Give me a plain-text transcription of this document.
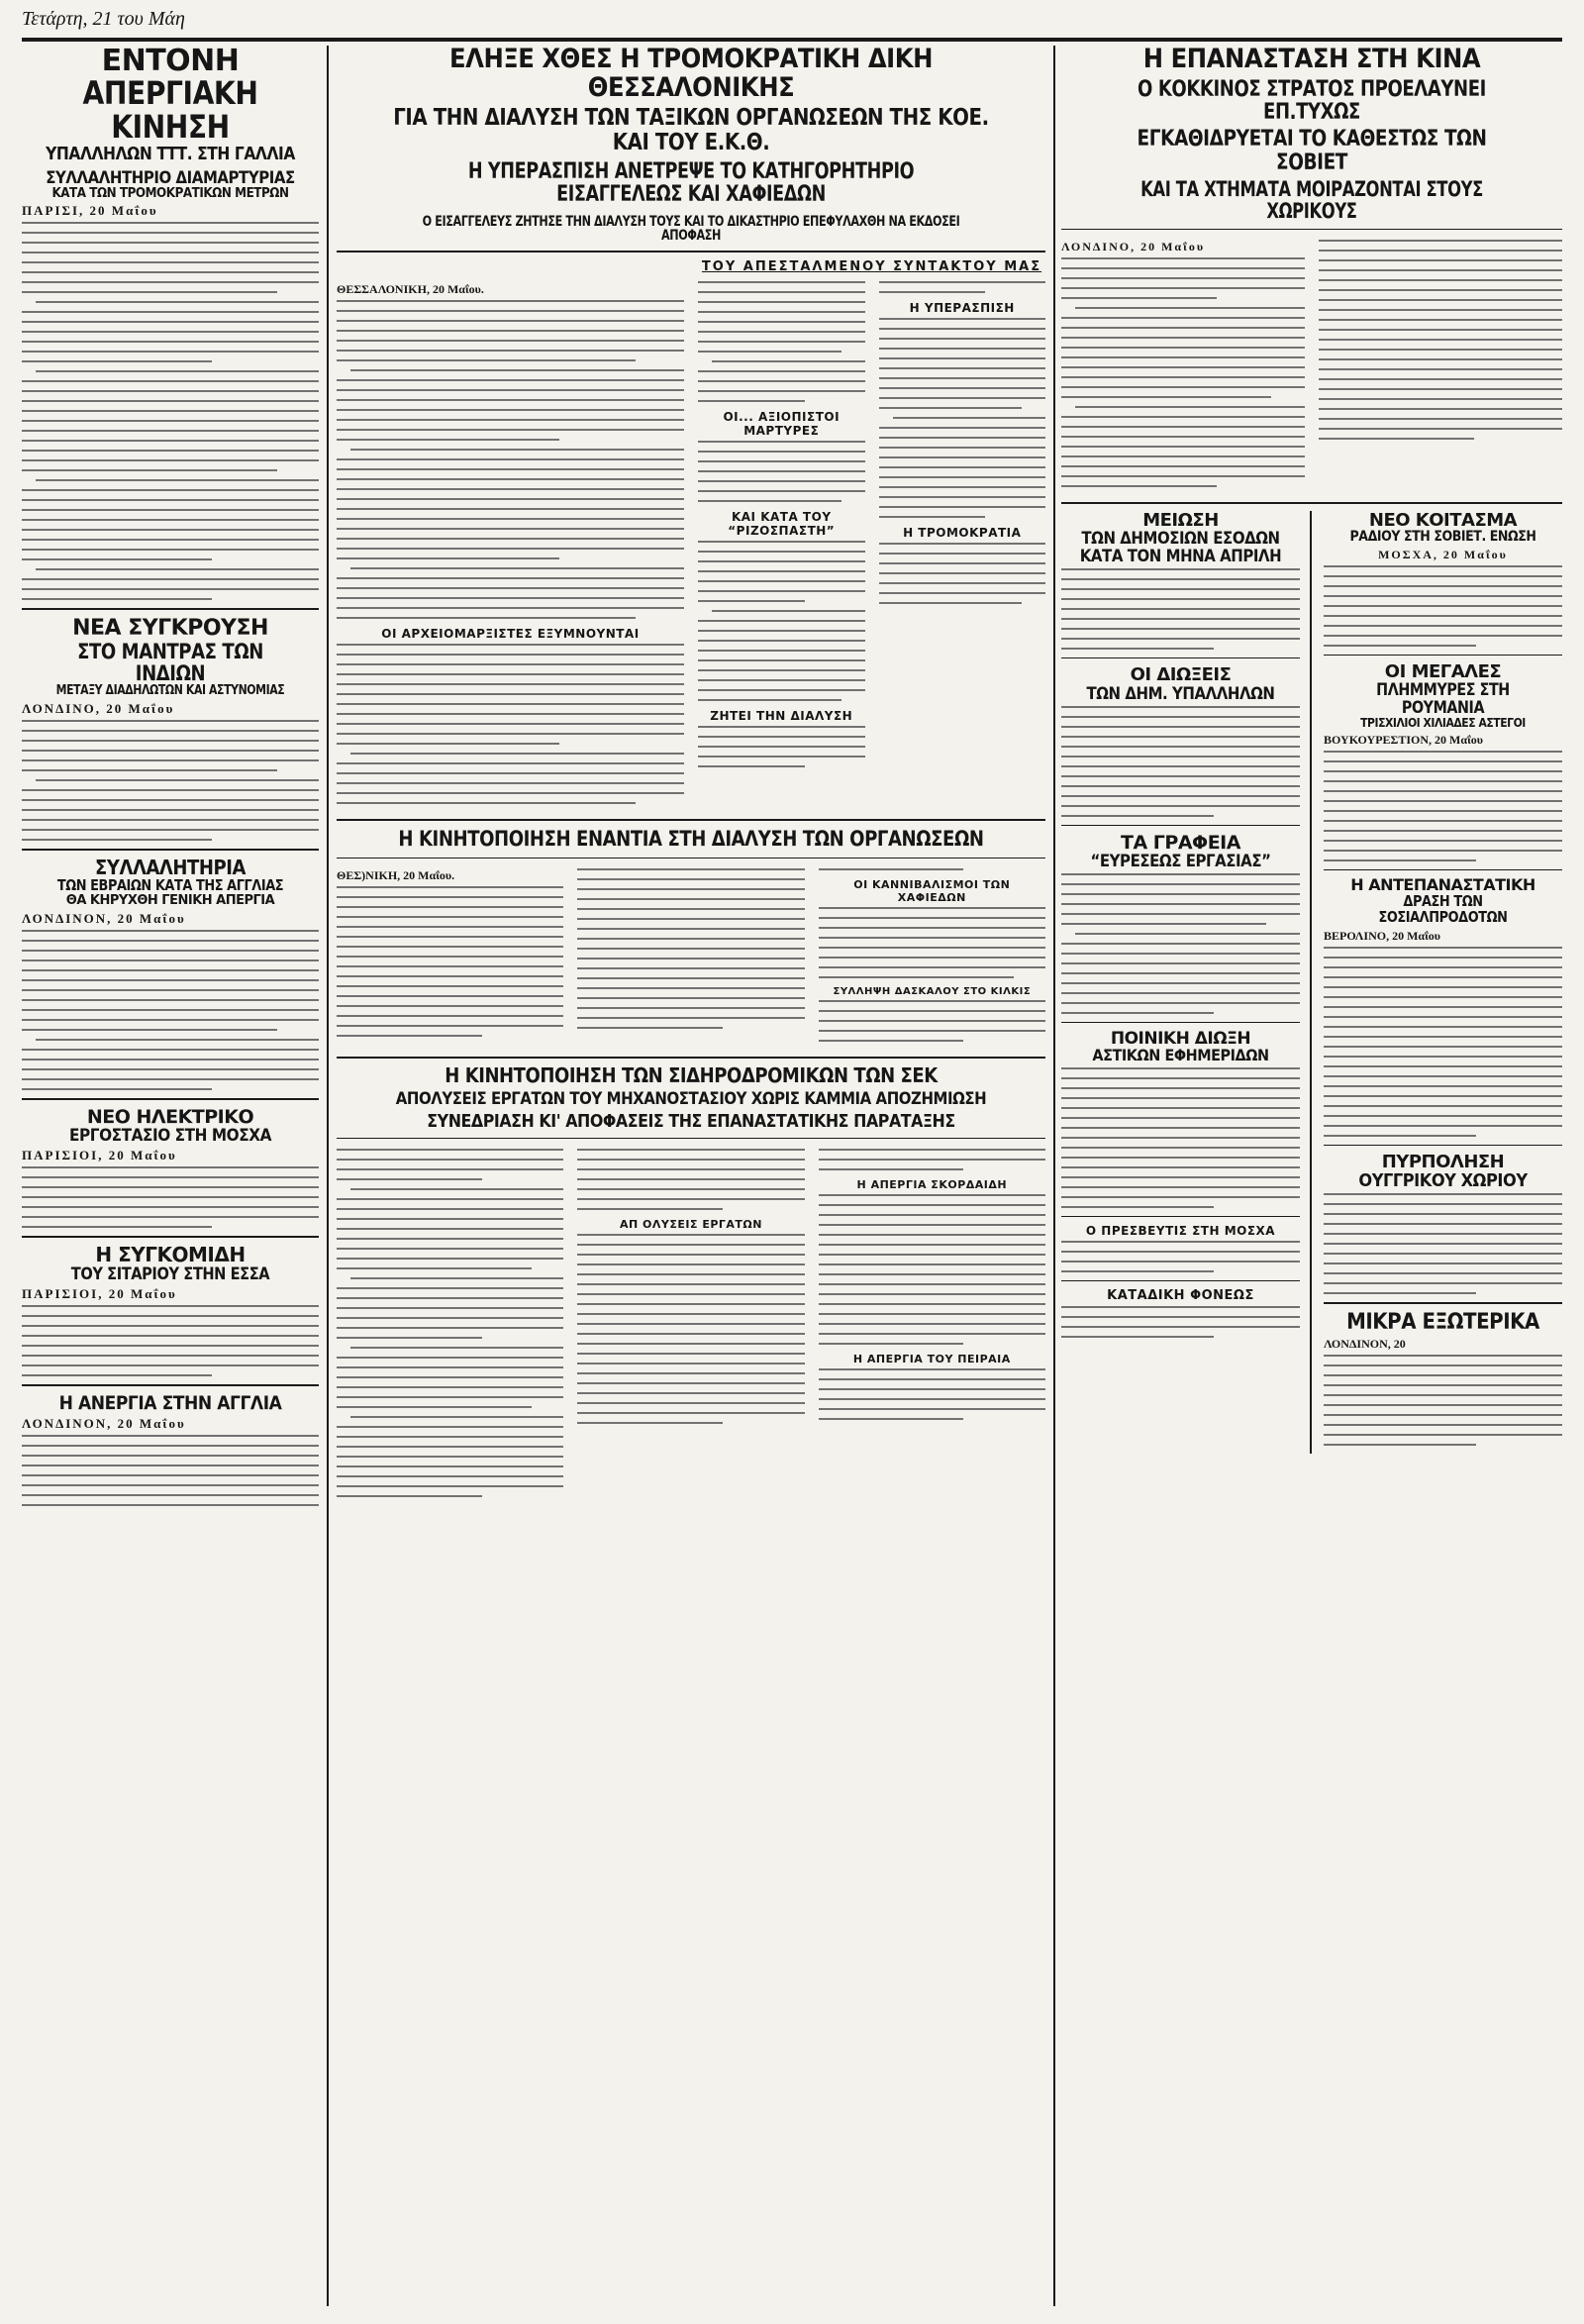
Τετάρτη, 21 του Μάη
ΕΝΤΟΝΗ
ΑΠΕΡΓΙΑΚΗ ΚΙΝΗΣΗ
ΥΠΑΛΛΗΛΩΝ ΤΤΤ. ΣΤΗ ΓΑΛΛΙΑ
ΣΥΛΛΑΛΗΤΗΡΙΟ ΔΙΑΜΑΡΤΥΡΙΑΣ
ΚΑΤΑ ΤΩΝ ΤΡΟΜΟΚΡΑΤΙΚΩΝ ΜΕΤΡΩΝ
ΠΑΡΙΣΙ, 20 Μαΐου
ΝΕΑ ΣΥΓΚΡΟΥΣΗ
ΣΤΟ ΜΑΝΤΡΑΣ ΤΩΝ ΙΝΔΙΩΝ
ΜΕΤΑΞΥ ΔΙΑΔΗΛΩΤΩΝ ΚΑΙ ΑΣΤΥΝΟΜΙΑΣ
ΛΟΝΔΙΝΟ, 20 Μαΐου
ΣΥΛΛΑΛΗΤΗΡΙΑ
ΤΩΝ ΕΒΡΑΙΩΝ ΚΑΤΑ ΤΗΣ ΑΓΓΛΙΑΣ
ΘΑ ΚΗΡΥΧΘΗ ΓΕΝΙΚΗ ΑΠΕΡΓΙΑ
ΛΟΝΔΙΝΟΝ, 20 Μαΐου
ΝΕΟ ΗΛΕΚΤΡΙΚΟ
ΕΡΓΟΣΤΑΣΙΟ ΣΤΗ ΜΟΣΧΑ
ΠΑΡΙΣΙΟΙ, 20 Μαΐου
Η ΣΥΓΚΟΜΙΔΗ
ΤΟΥ ΣΙΤΑΡΙΟΥ ΣΤΗΝ ΕΣΣΑ
ΠΑΡΙΣΙΟΙ, 20 Μαΐου
Η ΑΝΕΡΓΙΑ ΣΤΗΝ ΑΓΓΛΙΑ
ΛΟΝΔΙΝΟΝ, 20 Μαΐου
ΕΛΗΞΕ ΧΘΕΣ Η ΤΡΟΜΟΚΡΑΤΙΚΗ ΔΙΚΗ ΘΕΣΣΑΛΟΝΙΚΗΣ
ΓΙΑ ΤΗΝ ΔΙΑΛΥΣΗ ΤΩΝ ΤΑΞΙΚΩΝ ΟΡΓΑΝΩΣΕΩΝ ΤΗΣ ΚΟΕ. ΚΑΙ ΤΟΥ Ε.Κ.Θ.
Η ΥΠΕΡΑΣΠΙΣΗ ΑΝΕΤΡΕΨΕ ΤΟ ΚΑΤΗΓΟΡΗΤΗΡΙΟ ΕΙΣΑΓΓΕΛΕΩΣ ΚΑΙ ΧΑΦΙΕΔΩΝ
Ο ΕΙΣΑΓΓΕΛΕΥΣ ΖΗΤΗΣΕ ΤΗΝ ΔΙΑΛΥΣΗ ΤΟΥΣ ΚΑΙ ΤΟ ΔΙΚΑΣΤΗΡΙΟ ΕΠΕΦΥΛΑΧΘΗ ΝΑ ΕΚΔΟΣΕΙ ΑΠΟΦΑΣΗ
ΘΕΣΣΑΛΟΝΙΚΗ, 20 Μαΐου.
ΟΙ ΑΡΧΕΙΟΜΑΡΞΙΣΤΕΣ ΕΞΥΜΝΟΥΝΤΑΙ
ΤΟΥ ΑΠΕΣΤΑΛΜΕΝΟΥ ΣΥΝΤΑΚΤΟΥ ΜΑΣ
ΟΙ... ΑΞΙΟΠΙΣΤΟΙ ΜΑΡΤΥΡΕΣ
ΚΑΙ ΚΑΤΑ ΤΟΥ “ΡΙΖΟΣΠΑΣΤΗ”
ΖΗΤΕΙ ΤΗΝ ΔΙΑΛΥΣΗ
Η ΥΠΕΡΑΣΠΙΣΗ
Η ΤΡΟΜΟΚΡΑΤΙΑ
Η ΚΙΝΗΤΟΠΟΙΗΣΗ ΕΝΑΝΤΙΑ ΣΤΗ ΔΙΑΛΥΣΗ ΤΩΝ ΟΡΓΑΝΩΣΕΩΝ
ΘΕΣ)ΝΙΚΗ, 20 Μαΐου.
ΟΙ ΚΑΝΝΙΒΑΛΙΣΜΟΙ ΤΩΝ ΧΑΦΙΕΔΩΝ
ΣΥΛΛΗΨΗ ΔΑΣΚΑΛΟΥ ΣΤΟ ΚΙΛΚΙΣ
Η ΚΙΝΗΤΟΠΟΙΗΣΗ ΤΩΝ ΣΙΔΗΡΟΔΡΟΜΙΚΩΝ ΤΩΝ ΣΕΚ
ΑΠΟΛΥΣΕΙΣ ΕΡΓΑΤΩΝ ΤΟΥ ΜΗΧΑΝΟΣΤΑΣΙΟΥ ΧΩΡΙΣ ΚΑΜΜΙΑ ΑΠΟΖΗΜΙΩΣΗ
ΣΥΝΕΔΡΙΑΣΗ ΚΙ' ΑΠΟΦΑΣΕΙΣ ΤΗΣ ΕΠΑΝΑΣΤΑΤΙΚΗΣ ΠΑΡΑΤΑΞΗΣ
ΑΠ ΟΛΥΣΕΙΣ ΕΡΓΑΤΩΝ
Η ΑΠΕΡΓΙΑ ΣΚΟΡΔΑΙΔΗ
Η ΑΠΕΡΓΙΑ ΤΟΥ ΠΕΙΡΑΙΑ
Η ΕΠΑΝΑΣΤΑΣΗ ΣΤΗ ΚΙΝΑ
Ο ΚΟΚΚΙΝΟΣ ΣΤΡΑΤΟΣ ΠΡΟΕΛΑΥΝΕΙ ΕΠ.ΤΥΧΩΣ
ΕΓΚΑΘΙΔΡΥΕΤΑΙ ΤΟ ΚΑΘΕΣΤΩΣ ΤΩΝ ΣΟΒΙΕΤ
ΚΑΙ ΤΑ ΧΤΗΜΑΤΑ ΜΟΙΡΑΖΟΝΤΑΙ ΣΤΟΥΣ ΧΩΡΙΚΟΥΣ
ΛΟΝΔΙΝΟ, 20 Μαΐου
ΜΕΙΩΣΗ
ΤΩΝ ΔΗΜΟΣΙΩΝ ΕΣΟΔΩΝ
ΚΑΤΑ ΤΟΝ ΜΗΝΑ ΑΠΡΙΛΗ
ΟΙ ΔΙΩΞΕΙΣ
ΤΩΝ ΔΗΜ. ΥΠΑΛΛΗΛΩΝ
ΤΑ ΓΡΑΦΕΙΑ
“ΕΥΡΕΣΕΩΣ ΕΡΓΑΣΙΑΣ”
ΠΟΙΝΙΚΗ ΔΙΩΞΗ
ΑΣΤΙΚΩΝ ΕΦΗΜΕΡΙΔΩΝ
Ο ΠΡΕΣΒΕΥΤΙΣ ΣΤΗ ΜΟΣΧΑ
ΚΑΤΑΔΙΚΗ ΦΟΝΕΩΣ
ΝΕΟ ΚΟΙΤΑΣΜΑ
ΡΑΔΙΟΥ ΣΤΗ ΣΟΒΙΕΤ. ΕΝΩΣΗ
ΜΟΣΧΑ, 20 Μαΐου
ΟΙ ΜΕΓΑΛΕΣ
ΠΛΗΜΜΥΡΕΣ ΣΤΗ ΡΟΥΜΑΝΙΑ
ΤΡΙΣΧΙΛΙΟΙ ΧΙΛΙΑΔΕΣ ΑΣΤΕΓΟΙ
ΒΟΥΚΟΥΡΕΣΤΙΟΝ, 20 Μαΐου
Η ΑΝΤΕΠΑΝΑΣΤΑΤΙΚΗ
ΔΡΑΣΗ ΤΩΝ ΣΟΣΙΑΛΠΡΟΔΟΤΩΝ
ΒΕΡΟΛΙΝΟ, 20 Μαΐου
ΠΥΡΠΟΛΗΣΗ
ΟΥΓΓΡΙΚΟΥ ΧΩΡΙΟΥ
ΜΙΚΡΑ ΕΞΩΤΕΡΙΚΑ
ΛΟΝΔΙΝΟΝ, 20
